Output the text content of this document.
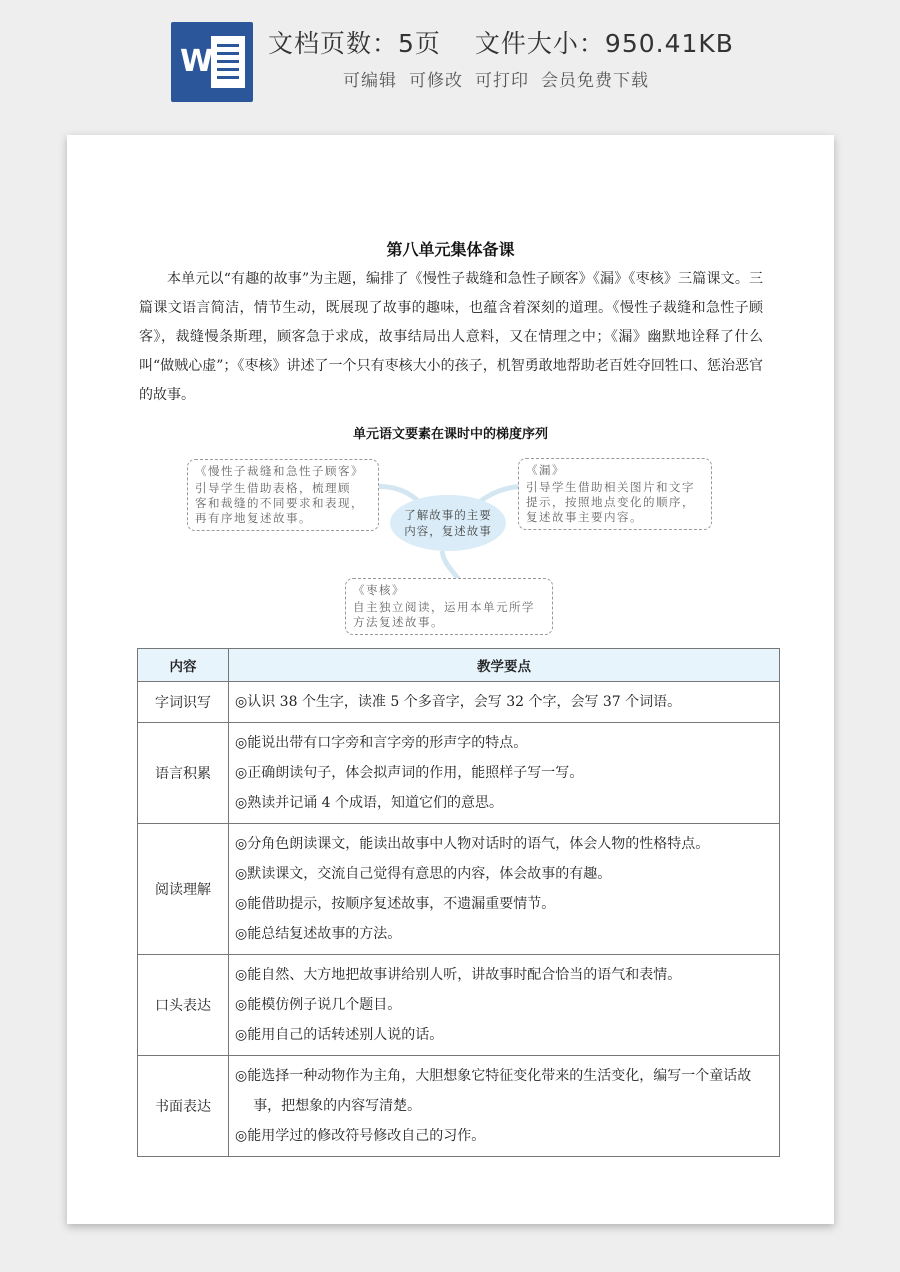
W
文档页数：5页 文件大小：950.41KB
可编辑 可修改 可打印 会员免费下载
第八单元集体备课

本单元以“有趣的故事”为主题，编排了《慢性子裁缝和急性子顾客》《漏》《枣核》三篇课文。三篇课文语言简洁，情节生动，既展现了故事的趣味，也蕴含着深刻的道理。《慢性子裁缝和急性子顾客》，裁缝慢条斯理，顾客急于求成，故事结局出人意料，又在情理之中；《漏》幽默地诠释了什么叫“做贼心虚”；《枣核》讲述了一个只有枣核大小的孩子，机智勇敢地帮助老百姓夺回牲口、惩治恶官的故事。

单元语文要素在课时中的梯度序列
《慢性子裁缝和急性子顾客》
引导学生借助表格，梳理顾
客和裁缝的不同要求和表现，
再有序地复述故事。	了解故事的主要
内容，复述故事
《漏》
引导学生借助相关图片和文字
提示，按照地点变化的顺序，
复述故事主要内容。
《枣核》
自主独立阅读，运用本单元所学
方法复述故事。
内容	教学要点
字词识写	◎认识 38 个生字，读准 5 个多音字，会写 32 个字，会写 37 个词语。

语言积累	◎能说出带有口字旁和言字旁的形声字的特点。
◎正确朗读句子，体会拟声词的作用，能照样子写一写。
◎熟读并记诵 4 个成语，知道它们的意思。

阅读理解	◎分角色朗读课文，能读出故事中人物对话时的语气，体会人物的性格特点。
◎默读课文，交流自己觉得有意思的内容，体会故事的有趣。
◎能借助提示，按顺序复述故事，不遗漏重要情节。
◎能总结复述故事的方法。

口头表达	◎能自然、大方地把故事讲给别人听，讲故事时配合恰当的语气和表情。
◎能模仿例子说几个题目。
◎能用自己的话转述别人说的话。

书面表达	◎能选择一种动物作为主角，大胆想象它特征变化带来的生活变化，编写一个童话故事，把想象的内容写清楚。
◎能用学过的修改符号修改自己的习作。
